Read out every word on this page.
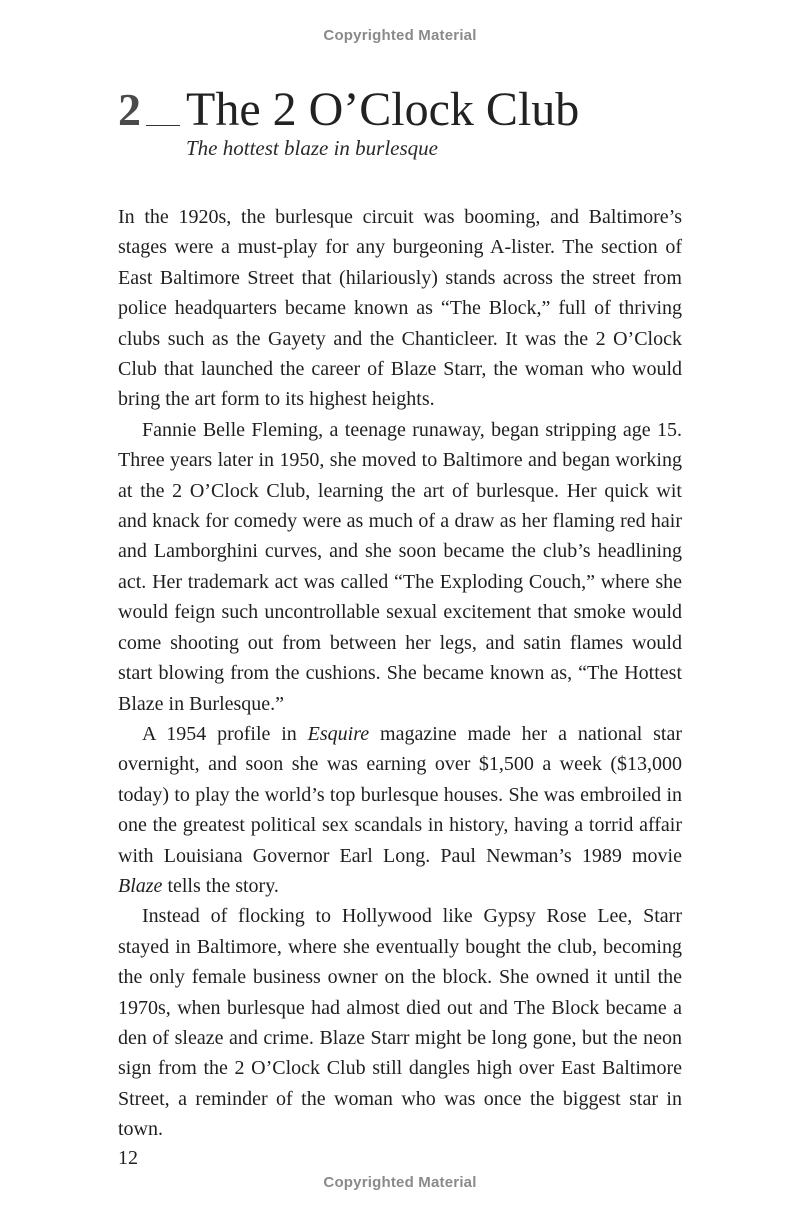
Copyrighted Material
2 The 2 O’Clock Club
The hottest blaze in burlesque

In the 1920s, the burlesque circuit was booming, and Baltimore’s stages were a must-play for any burgeoning A-lister. The section of East Baltimore Street that (hilariously) stands across the street from police headquarters became known as “The Block,” full of thriving clubs such as the Gayety and the Chanticleer. It was the 2 O’Clock Club that launched the career of Blaze Starr, the woman who would bring the art form to its highest heights.

Fannie Belle Fleming, a teenage runaway, began stripping age 15. Three years later in 1950, she moved to Baltimore and began working at the 2 O’Clock Club, learning the art of burlesque. Her quick wit and knack for comedy were as much of a draw as her flaming red hair and Lamborghini curves, and she soon became the club’s headlining act. Her trademark act was called “The Exploding Couch,” where she would feign such uncontrollable sexual excitement that smoke would come shooting out from between her legs, and satin flames would start blowing from the cushions. She became known as, “The Hottest Blaze in Burlesque.”

A 1954 profile in Esquire magazine made her a national star overnight, and soon she was earning over $1,500 a week ($13,000 today) to play the world’s top burlesque houses. She was embroiled in one the greatest political sex scandals in history, having a torrid affair with Louisiana Governor Earl Long. Paul Newman’s 1989 movie Blaze tells the story.

Instead of flocking to Hollywood like Gypsy Rose Lee, Starr stayed in Baltimore, where she eventually bought the club, becoming the only female business owner on the block. She owned it until the 1970s, when burlesque had almost died out and The Block became a den of sleaze and crime. Blaze Starr might be long gone, but the neon sign from the 2 O’Clock Club still dangles high over East Baltimore Street, a reminder of the woman who was once the biggest star in town.

12
Copyrighted Material
